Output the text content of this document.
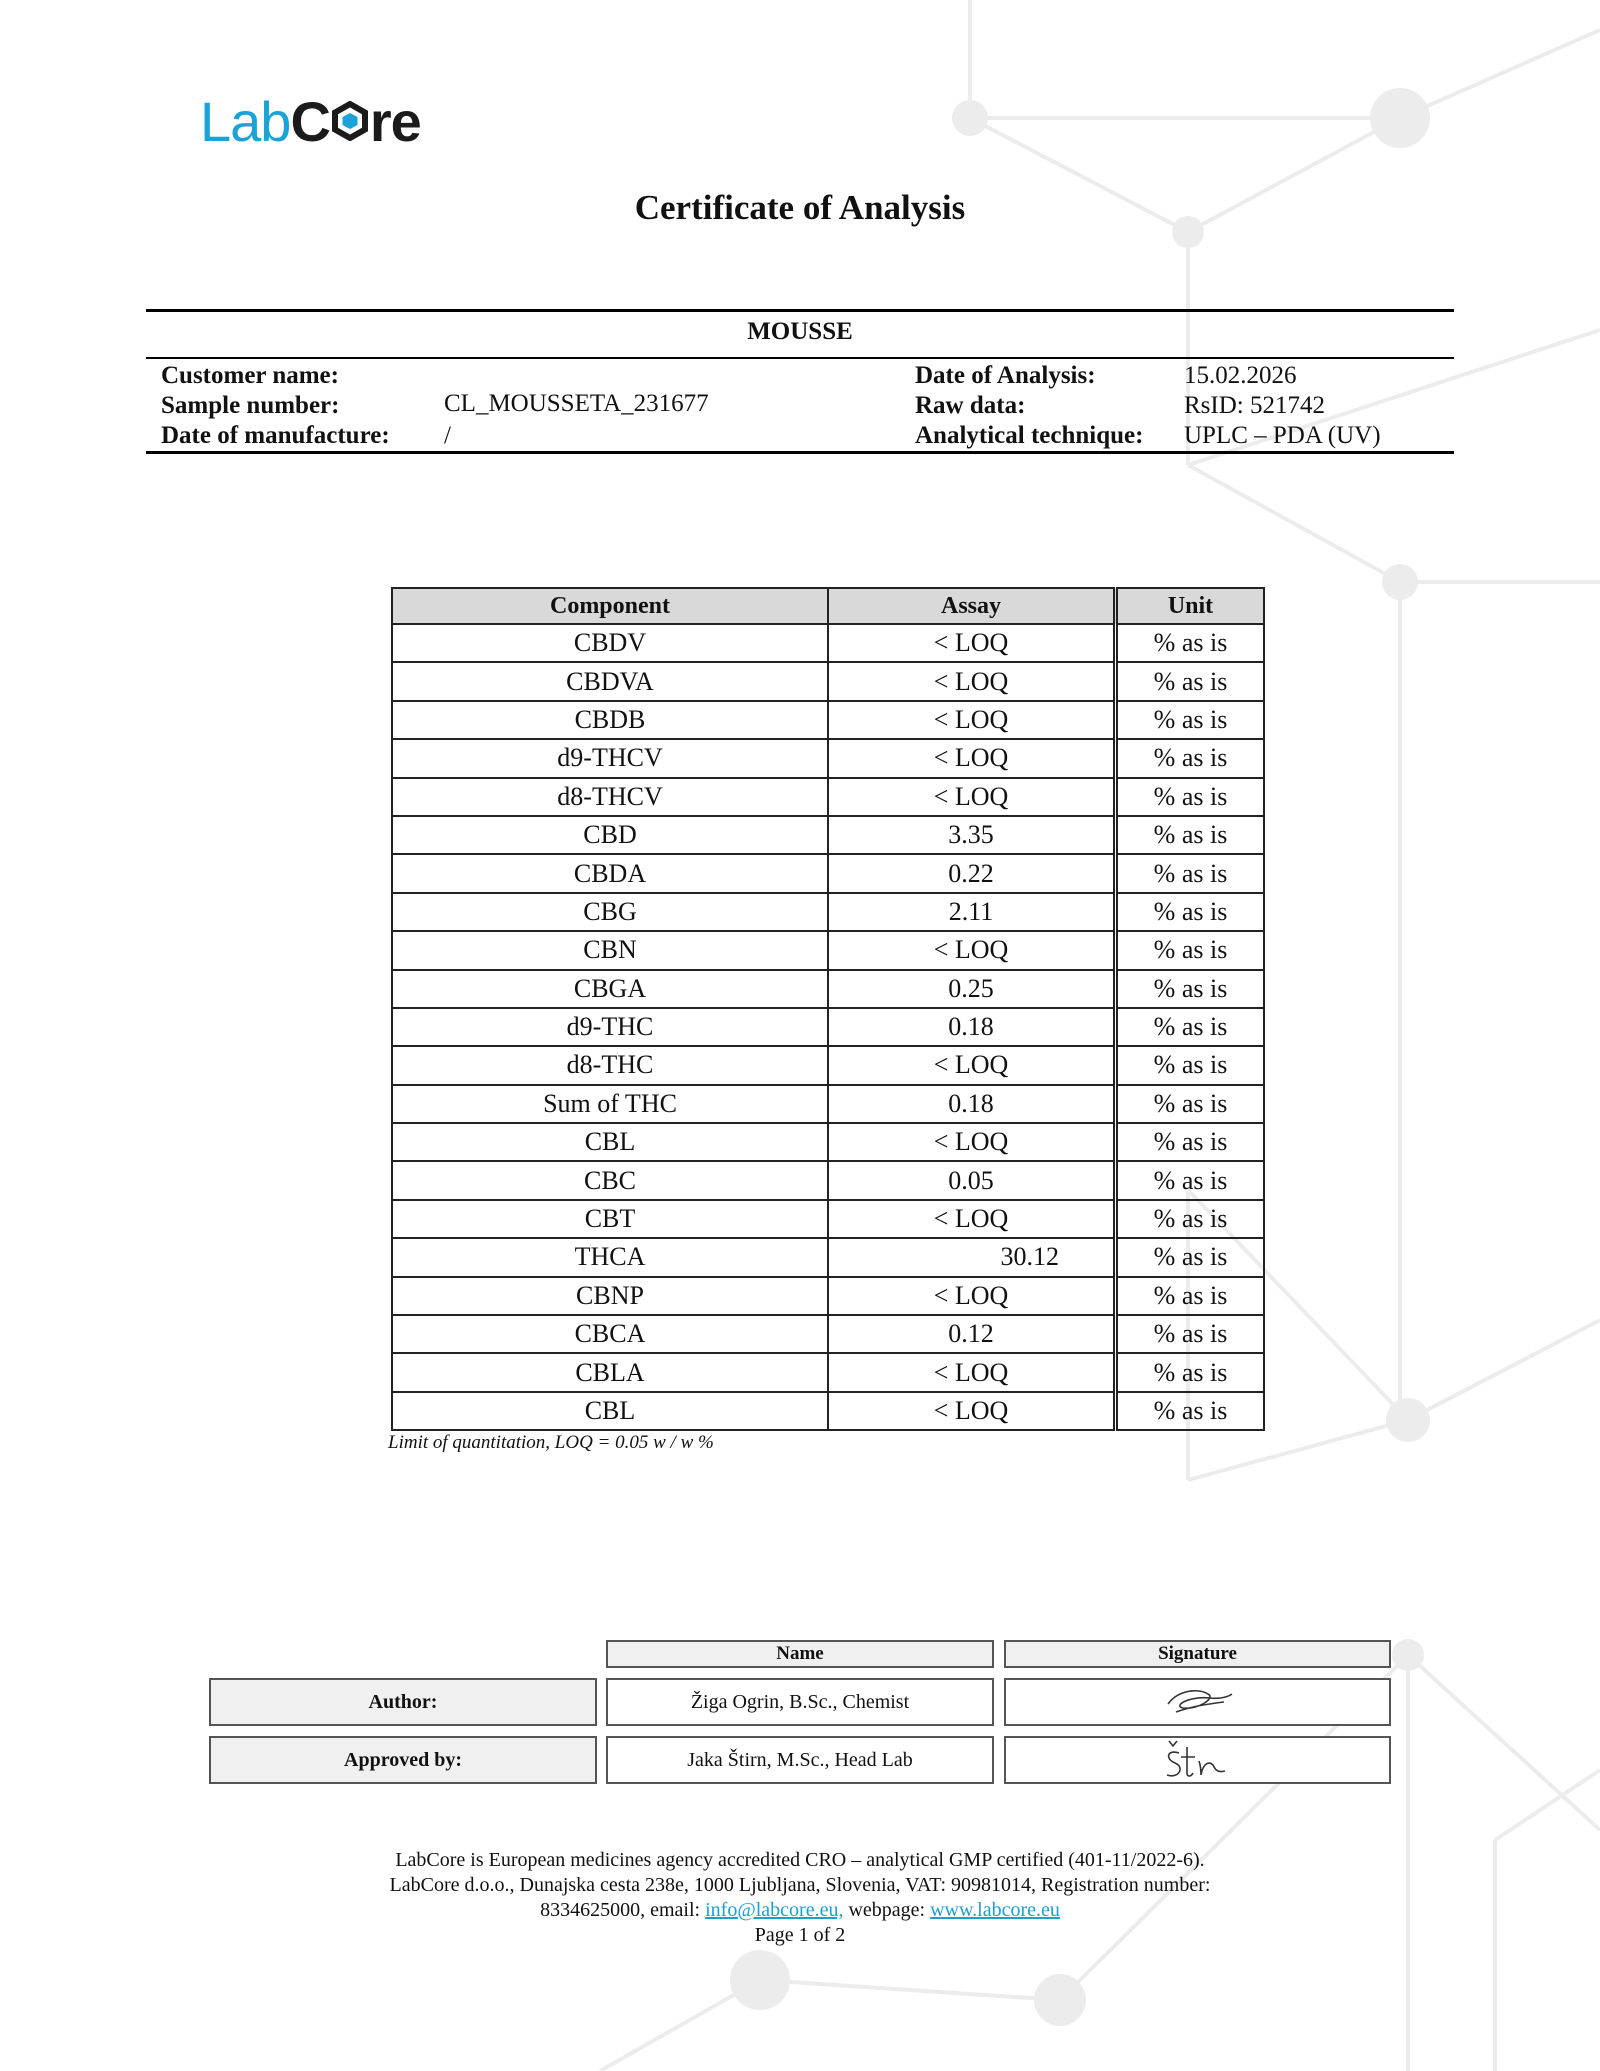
Lab C re
Certificate of Analysis
MOUSSE
Customer name:
Sample number:	CL_MOUSSETA_231677
Date of manufacture: /
Date of Analysis:	15.02.2026
Raw data:	RsID: 521742
Analytical technique: UPLC – PDA (UV)
Component	Assay	Unit
CBDV	< LOQ	% as is
CBDVA	< LOQ	% as is
CBDB	< LOQ	% as is
d9-THCV	< LOQ	% as is
d8-THCV	< LOQ	% as is
CBD	3.35	% as is
CBDA	0.22	% as is
CBG	2.11	% as is
CBN	< LOQ	% as is
CBGA	0.25	% as is
d9-THC	0.18	% as is
d8-THC	< LOQ	% as is
Sum of THC	0.18	% as is
CBL	< LOQ	% as is
CBC	0.05	% as is
CBT	< LOQ	% as is
THCA	30.12	% as is
CBNP	< LOQ	% as is
CBCA	0.12	% as is
CBLA	< LOQ	% as is
CBL	< LOQ	% as is
Limit of quantitation, LOQ = 0.05 w / w %
Name	Signature
Author:	Žiga Ogrin, B.Sc., Chemist
Approved by:	Jaka Štirn, M.Sc., Head Lab
LabCore is European medicines agency accredited CRO – analytical GMP certified (401-11/2022-6).
LabCore d.o.o., Dunajska cesta 238e, 1000 Ljubljana, Slovenia, VAT: 90981014, Registration number:
8334625000, email: info@labcore.eu, webpage: www.labcore.eu
Page 1 of 2
